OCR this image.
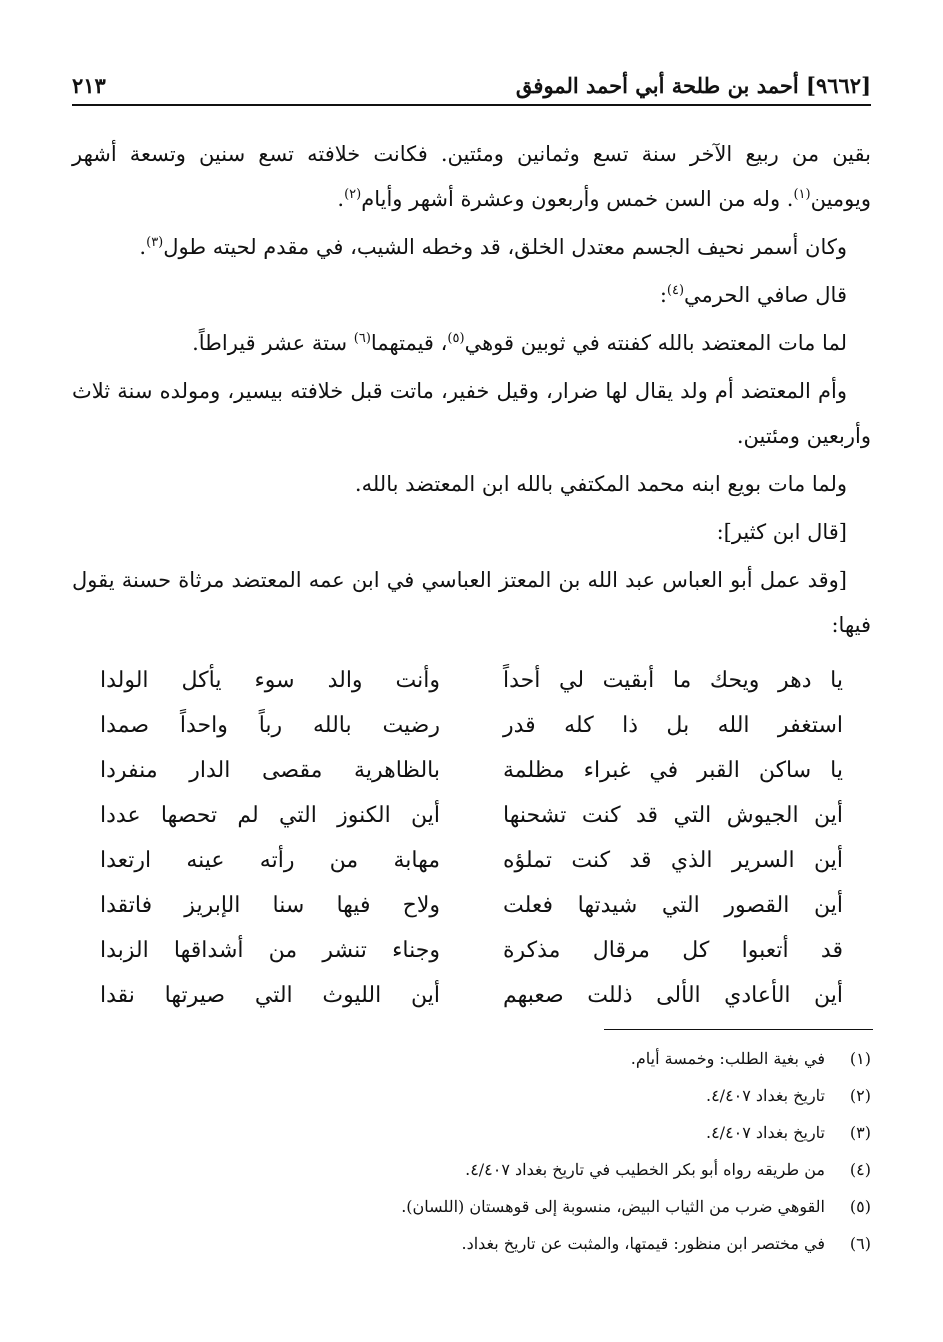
[٩٦٦٢] أحمد بن طلحة أبي أحمد الموفق
٢١٣

بقين من ربيع الآخر سنة تسع وثمانين ومئتين. فكانت خلافته تسع سنين وتسعة أشهر ويومين$^{(١)}$. وله من السن خمس وأربعون وعشرة أشهر وأيام$^{(٢)}$.

وكان أسمر نحيف الجسم معتدل الخلق، قد وخطه الشيب، في مقدم لحيته طول$^{(٣)}$.

قال صافي الحرمي$^{(٤)}$:

لما مات المعتضد بالله كفنته في ثوبين قوهي$^{(٥)}$، قيمتهما$^{(٦)}$ ستة عشر قيراطاً.

وأم المعتضد أم ولد يقال لها ضرار، وقيل خفير، ماتت قبل خلافته بيسير، ومولده سنة ثلاث وأربعين ومئتين.

ولما مات بويع ابنه محمد المكتفي بالله ابن المعتضد بالله.

[قال ابن كثير]:

[وقد عمل أبو العباس عبد الله بن المعتز العباسي في ابن عمه المعتضد مرثاة حسنة يقول فيها:

يا دهر ويحك ما أبقيت لي أحداً
وأنت والد سوء يأكل الولدا
استغفر الله بل ذا كله قدر
رضيت بالله رباً واحداً صمدا
يا ساكن القبر في غبراء مظلمة
بالظاهرية مقصى الدار منفردا
أين الجيوش التي قد كنت تشحنها
أين الكنوز التي لم تحصها عددا
أين السرير الذي قد كنت تملؤه
مهابة من رأته عينه ارتعدا
أين القصور التي شيدتها فعلت
ولاح فيها سنا الإبريز فاتقدا
قد أتعبوا كل مرقال مذكرة
وجناء تنشر من أشداقها الزبدا
أين الأعادي الألى ذللت صعبهم
أين الليوث التي صيرتها نقدا
(١)
في بغية الطلب: وخمسة أيام.
(٢)
تاريخ بغداد ٤/٤٠٧.
(٣)
تاريخ بغداد ٤/٤٠٧.
(٤)
من طريقه رواه أبو بكر الخطيب في تاريخ بغداد ٤/٤٠٧.
(٥)
القوهي ضرب من الثياب البيض، منسوبة إلى قوهستان (اللسان).
(٦)
في مختصر ابن منظور: قيمتها، والمثبت عن تاريخ بغداد.
